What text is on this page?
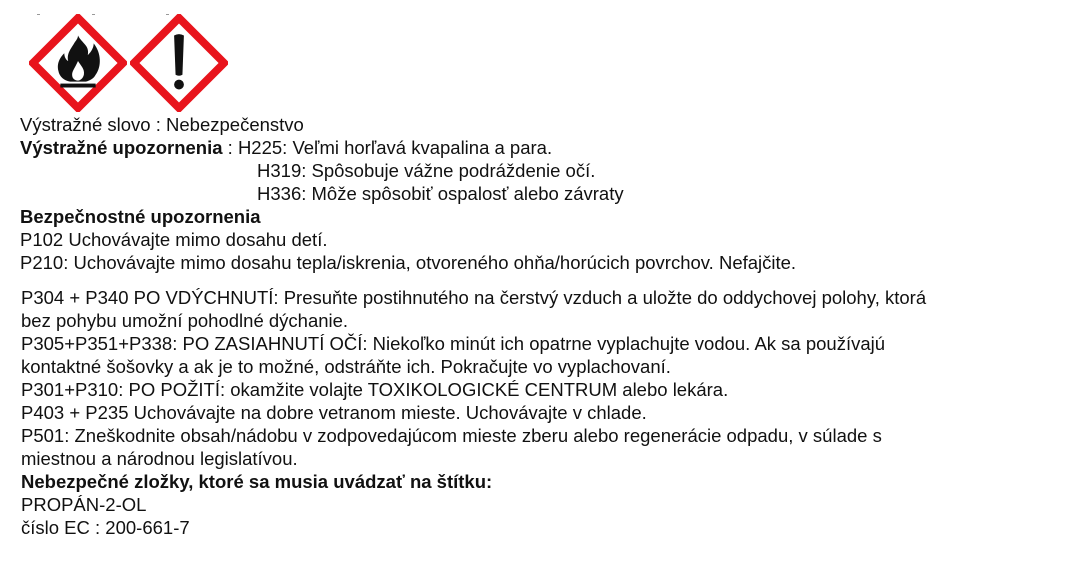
Výstražné slovo : Nebezpečenstvo
Výstražné upozornenia : H225: Veľmi horľavá kvapalina a para.
H319: Spôsobuje vážne podráždenie očí.
H336: Môže spôsobiť ospalosť alebo závraty
Bezpečnostné upozornenia
P102 Uchovávajte mimo dosahu detí.
P210: Uchovávajte mimo dosahu tepla/iskrenia, otvoreného ohňa/horúcich povrchov. Nefajčite.
P304 + P340 PO VDÝCHNUTÍ: Presuňte postihnutého na čerstvý vzduch a uložte do oddychovej polohy, ktorá
bez pohybu umožní pohodlné dýchanie.
P305+P351+P338: PO ZASIAHNUTÍ OČÍ: Niekoľko minút ich opatrne vyplachujte vodou. Ak sa používajú
kontaktné šošovky a ak je to možné, odstráňte ich. Pokračujte vo vyplachovaní.
P301+P310: PO POŽITÍ: okamžite volajte TOXIKOLOGICKÉ CENTRUM alebo lekára.
P403 + P235 Uchovávajte na dobre vetranom mieste. Uchovávajte v chlade.
P501: Zneškodnite obsah/nádobu v zodpovedajúcom mieste zberu alebo regenerácie odpadu, v súlade s
miestnou a národnou legislatívou.
Nebezpečné zložky, ktoré sa musia uvádzať na štítku:
PROPÁN-2-OL
číslo EC : 200-661-7
